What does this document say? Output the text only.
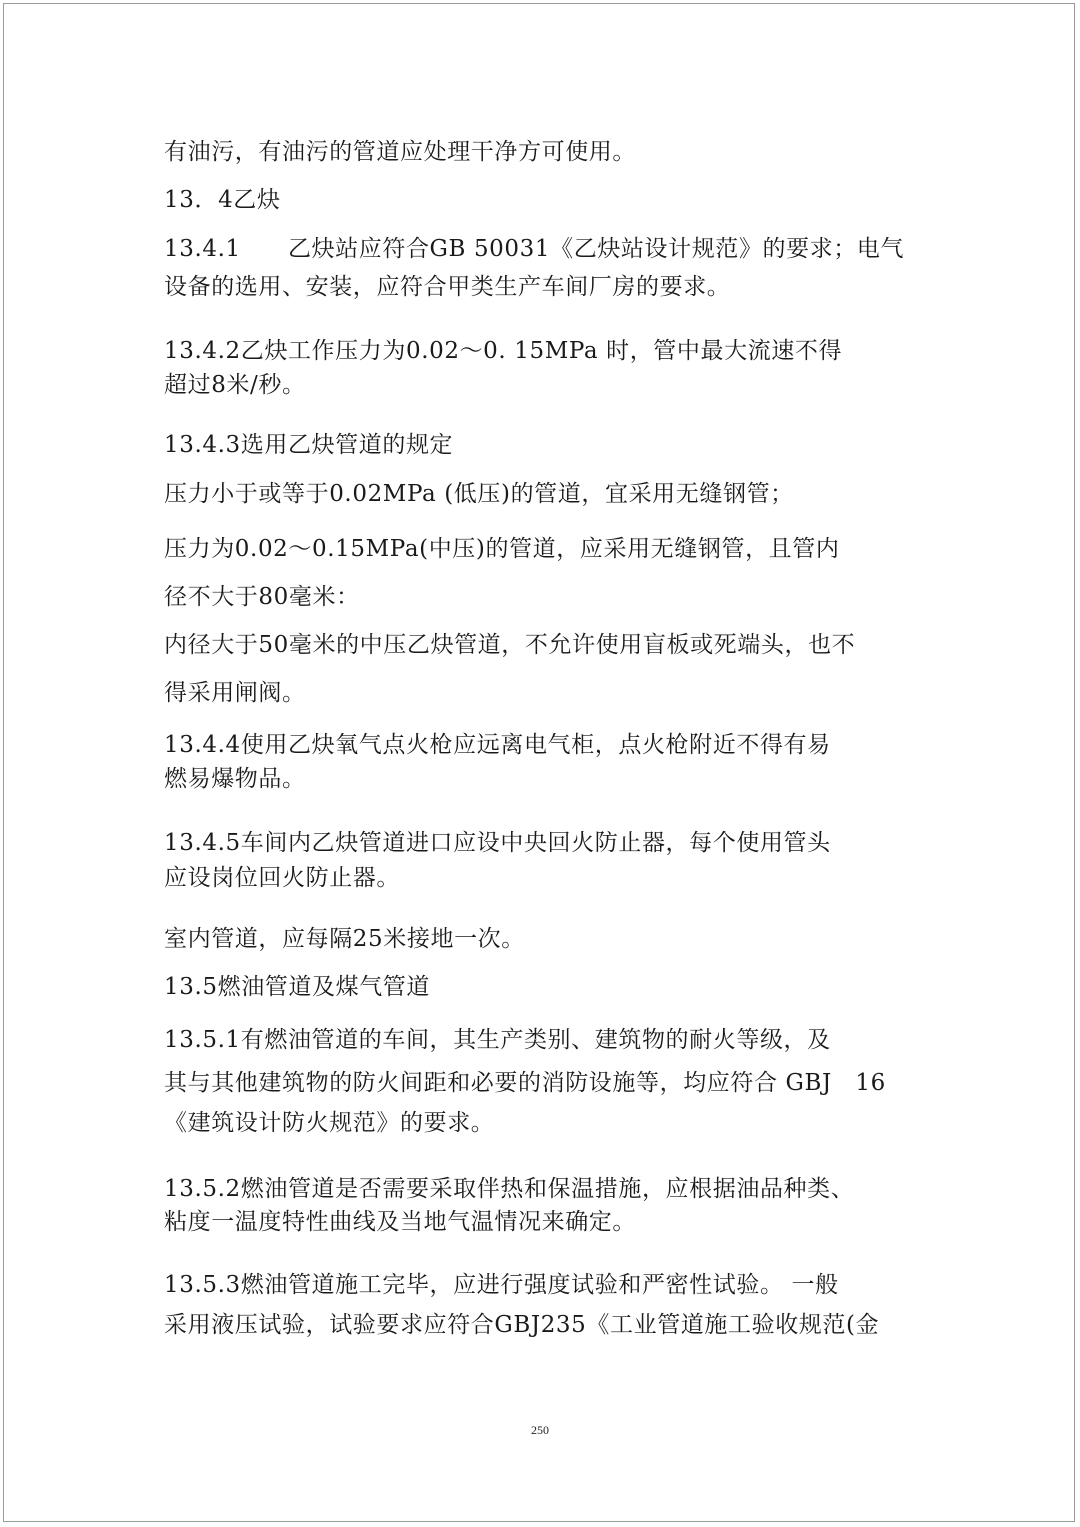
有油污，有油污的管道应处理干净方可使用。

13．4乙炔

13.4.1　　乙炔站应符合GB 50031《乙炔站设计规范》的要求；电气

设备的选用、安装，应符合甲类生产车间厂房的要求。

13.4.2乙炔工作压力为0.02～0. 15MPa 时，管中最大流速不得

超过8米/秒。

13.4.3选用乙炔管道的规定

压力小于或等于0.02MPa (低压)的管道，宜采用无缝钢管；

压力为0.02～0.15MPa(中压)的管道，应采用无缝钢管，且管内

径不大于80毫米：

内径大于50毫米的中压乙炔管道，不允许使用盲板或死端头，也不

得采用闸阀。

13.4.4使用乙炔氧气点火枪应远离电气柜，点火枪附近不得有易

燃易爆物品。

13.4.5车间内乙炔管道进口应设中央回火防止器，每个使用管头

应设岗位回火防止器。

室内管道，应每隔25米接地一次。

13.5燃油管道及煤气管道

13.5.1有燃油管道的车间，其生产类别、建筑物的耐火等级，及

其与其他建筑物的防火间距和必要的消防设施等，均应符合 GBJ　16

《建筑设计防火规范》的要求。

13.5.2燃油管道是否需要采取伴热和保温措施，应根据油品种类、

粘度一温度特性曲线及当地气温情况来确定。

13.5.3燃油管道施工完毕，应进行强度试验和严密性试验。 一般

采用液压试验，试验要求应符合GBJ235《工业管道施工验收规范(金

250
